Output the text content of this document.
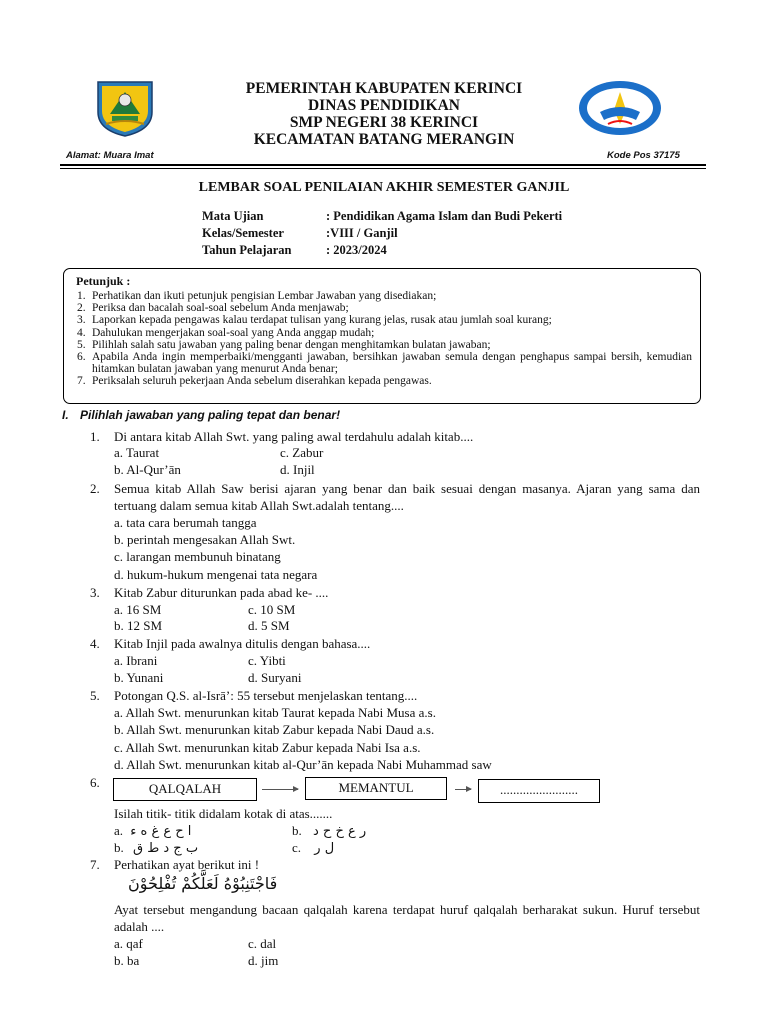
PEMERINTAH KABUPATEN KERINCI
DINAS PENDIDIKAN
SMP NEGERI 38 KERINCI
KECAMATAN BATANG MERANGIN
Alamat: Muara Imat	Kode Pos 37175
LEMBAR SOAL PENILAIAN AKHIR SEMESTER GANJIL
Mata Ujian	: Pendidikan Agama Islam dan Budi Pekerti
Kelas/Semester	:VIII / Ganjil
Tahun Pelajaran	: 2023/2024
Petunjuk :
1. Perhatikan dan ikuti petunjuk pengisian Lembar Jawaban yang disediakan;
2. Periksa dan bacalah soal-soal sebelum Anda menjawab;
3. Laporkan kepada pengawas kalau terdapat tulisan yang kurang jelas, rusak atau jumlah soal kurang;
4. Dahulukan mengerjakan soal-soal yang Anda anggap mudah;
5. Pilihlah salah satu jawaban yang paling benar dengan menghitamkan bulatan jawaban;
6. Apabila Anda ingin memperbaiki/mengganti jawaban, bersihkan jawaban semula dengan penghapus sampai bersih, kemudian hitamkan bulatan jawaban yang menurut Anda benar;
7. Periksalah seluruh pekerjaan Anda sebelum diserahkan kepada pengawas.
I. Pilihlah jawaban yang paling tepat dan benar!
1. Di antara kitab Allah Swt. yang paling awal terdahulu adalah kitab....
a. Taurat	c. Zabur
b. Al-Qur’ān	d. Injil
2. Semua kitab Allah Saw berisi ajaran yang benar dan baik sesuai dengan masanya. Ajaran yang sama dan tertuang dalam semua kitab Allah Swt.adalah tentang....
a. tata cara berumah tangga
b. perintah mengesakan Allah Swt.
c. larangan membunuh binatang
d. hukum-hukum mengenai tata negara
3. Kitab Zabur diturunkan pada abad ke- ....
a. 16 SM	c. 10 SM
b. 12 SM	d. 5 SM
4. Kitab Injil pada awalnya ditulis dengan bahasa....
a. Ibrani	c. Yibti
b. Yunani	d. Suryani
5. Potongan Q.S. al-Isrā’: 55 tersebut menjelaskan tentang....
a. Allah Swt. menurunkan kitab Taurat kepada Nabi Musa a.s.
b. Allah Swt. menurunkan kitab Zabur kepada Nabi Daud a.s.
c. Allah Swt. menurunkan kitab Zabur kepada Nabi Isa a.s.
d. Allah Swt. menurunkan kitab al-Qur’ān kepada Nabi Muhammad saw
6.	QALQALAH	MEMANTUL	........................
Isilah titik- titik didalam kotak di atas.......
a. ا ح ع غ ه ء	b. ر ع خ ح د
b. ب ج د ط ق	c. ل ر
7. Perhatikan ayat berikut ini !
فَاجْتَنِبُوْهُ لَعَلَّكُمْ تُفْلِحُوْنَ
Ayat tersebut mengandung bacaan qalqalah karena terdapat huruf qalqalah berharakat sukun. Huruf tersebut adalah ....
a. qaf	c. dal
b. ba	d. jim
